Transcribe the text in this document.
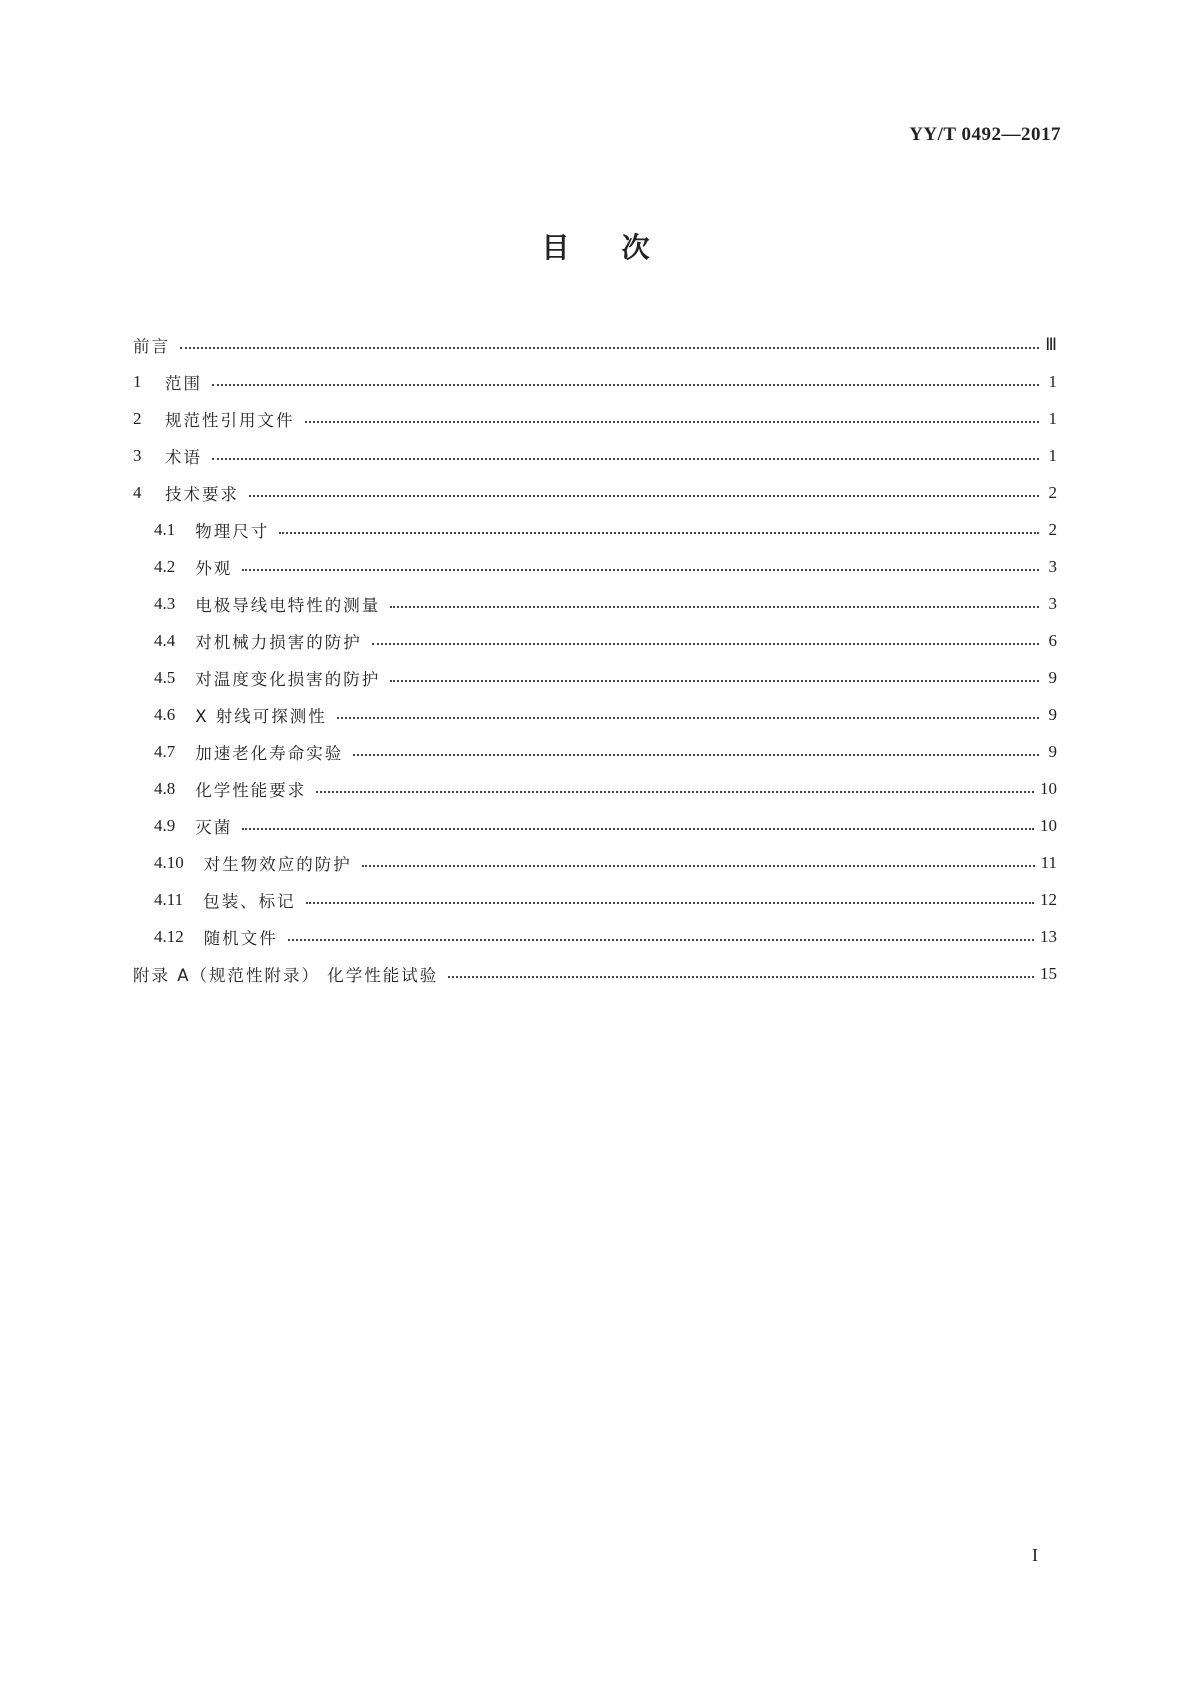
YY/T 0492—2017
目次
前言	Ⅲ
1 范围	1
2 规范性引用文件	1
3 术语	1
4 技术要求	2
4.1 物理尺寸	2
4.2 外观	3
4.3 电极导线电特性的测量	3
4.4 对机械力损害的防护	6
4.5 对温度变化损害的防护	9
4.6 X 射线可探测性	9
4.7 加速老化寿命实验	9
4.8 化学性能要求	10
4.9 灭菌	10
4.10 对生物效应的防护	11
4.11 包装、标记	12
4.12 随机文件	13
附录 A（规范性附录） 化学性能试验	15
I
